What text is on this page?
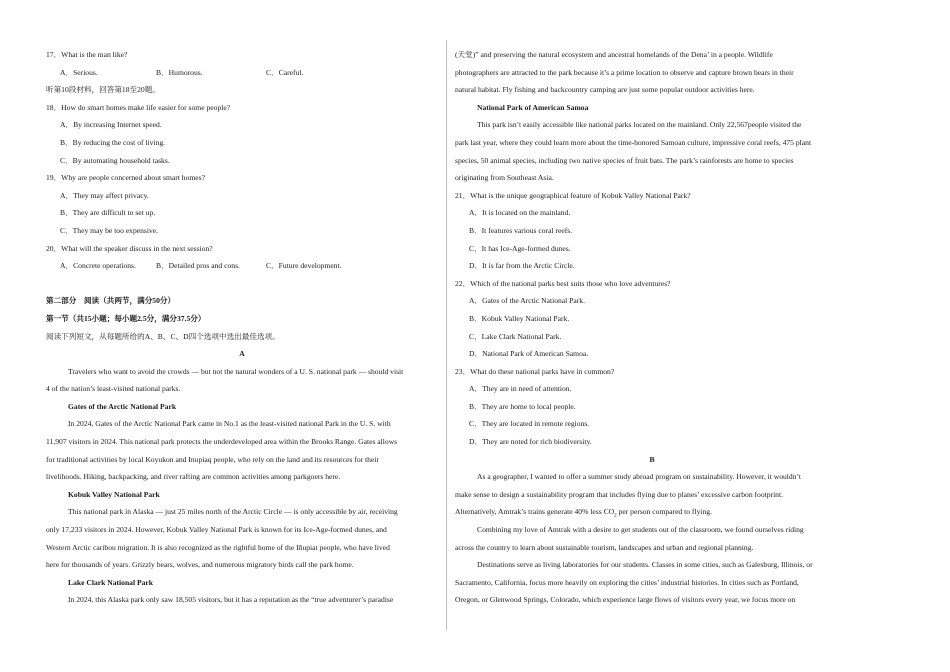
17．What is the man like?
A．Serious.	B．Humorous.	C．Careful.
听第10段材料，回答第18至20题。
18．How do smart homes make life easier for some people?
A．By increasing Internet speed.
B．By reducing the cost of living.
C．By automating household tasks.
19．Why are people concerned about smart homes?
A．They may affect privacy.
B．They are difficult to set up.
C．They may be too expensive.
20．What will the speaker discuss in the next session?
A．Concrete operations.	B．Detailed pros and cons.	C．Future development.
第二部分　阅读（共两节，满分50分）
第一节（共15小题；每小题2.5分，满分37.5分）
阅读下列短文，从每题所给的A、B、C、D四个选项中选出最佳选项。
A
Travelers who want to avoid the crowds — but not the natural wonders of a U. S. national park — should visit
4 of the nation’s least-visited national parks.
Gates of the Arctic National Park
In 2024, Gates of the Arctic National Park came in No.1 as the least-visited national Park in the U. S. with
11,907 visitors in 2024. This national park protects the underdeveloped area within the Brooks Range. Gates allows
for traditional activities by local Koyukon and Inupiaq people, who rely on the land and its resources for their
livelihoods. Hiking, backpacking, and river rafting are common activities among parkgoers here.
Kobuk Valley National Park
This national park in Alaska — just 25 miles north of the Arctic Circle — is only accessible by air, receiving
only 17,233 visitors in 2024. However, Kobuk Valley National Park is known for its Ice-Age-formed dunes, and
Western Arctic caribou migration. It is also recognized as the rightful home of the Iñupiat people, who have lived
here for thousands of years. Grizzly bears, wolves, and numerous migratory birds call the park home.
Lake Clark National Park
In 2024, this Alaska park only saw 18,505 visitors, but it has a reputation as the “true adventurer’s paradise
(天堂)” and preserving the natural ecosystem and ancestral homelands of the Dena’ in a people. Wildlife
photographers are attracted to the park because it’s a prime location to observe and capture brown bears in their
natural habitat. Fly fishing and backcountry camping are just some popular outdoor activities here.
National Park of American Samoa
This park isn’t easily accessible like national parks located on the mainland. Only 22,567people visited the
park last year, where they could learn more about the time-honored Samoan culture, impressive coral reefs, 475 plant
species, 50 animal species, including two native species of fruit bats. The park’s rainforests are home to species
originating from Southeast Asia.
21．What is the unique geographical feature of Kobuk Valley National Park?
A．It is located on the mainland.
B．It features various coral reefs.
C．It has Ice-Age-formed dunes.
D．It is far from the Arctic Circle.
22．Which of the national parks best suits those who love adventures?
A．Gates of the Arctic National Park.
B．Kobuk Valley National Park.
C．Lake Clark National Park.
D．National Park of American Samoa.
23．What do these national parks have in common?
A．They are in need of attention.
B．They are home to local people.
C．They are located in remote regions.
D．They are noted for rich biodiversity.
B
As a geographer, I wanted to offer a summer study abroad program on sustainability. However, it wouldn’t
make sense to design a sustainability program that includes flying due to planes’ excessive carbon footprint.
Alternatively, Amtrak’s trains generate 40% less $CO_2$ per person compared to flying.
Combining my love of Amtrak with a desire to get students out of the classroom, we found ourselves riding
across the country to learn about sustainable tourism, landscapes and urban and regional planning.
Destinations serve as living laboratories for our students. Classes in some cities, such as Galesburg, Illinois, or
Sacramento, California, focus more heavily on exploring the cities’ industrial histories. In cities such as Portland,
Oregon, or Glenwood Springs, Colorado, which experience large flows of visitors every year, we focus more on
